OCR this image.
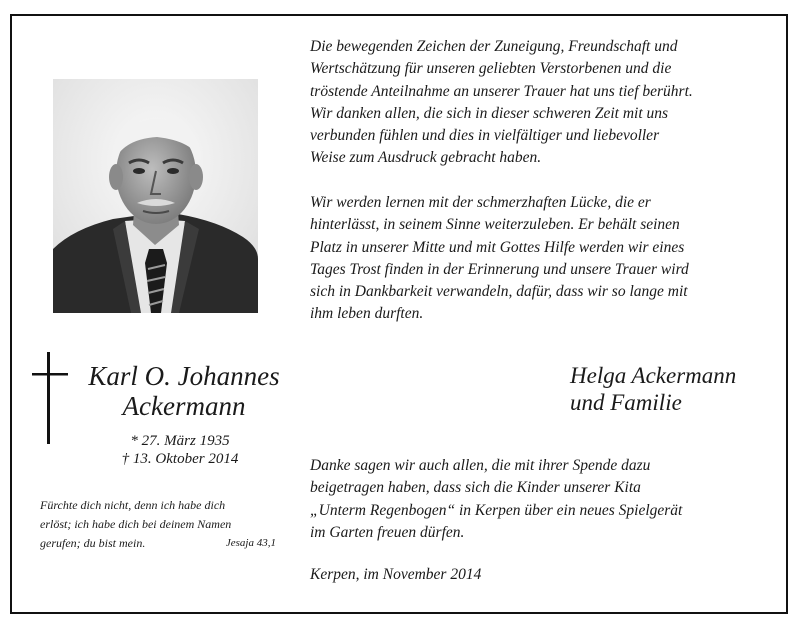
Karl O. Johannes
Ackermann
* 27. März 1935
† 13. Oktober 2014
Fürchte dich nicht, denn ich habe dich
erlöst; ich habe dich bei deinem Namen
gerufen; du bist mein.	Jesaja 43,1
Die bewegenden Zeichen der Zuneigung, Freundschaft und
Wertschätzung für unseren geliebten Verstorbenen und die
tröstende Anteilnahme an unserer Trauer hat uns tief berührt.
Wir danken allen, die sich in dieser schweren Zeit mit uns
verbunden fühlen und dies in vielfältiger und liebevoller
Weise zum Ausdruck gebracht haben.
Wir werden lernen mit der schmerzhaften Lücke, die er
hinterlässt, in seinem Sinne weiterzuleben. Er behält seinen
Platz in unserer Mitte und mit Gottes Hilfe werden wir eines
Tages Trost finden in der Erinnerung und unsere Trauer wird
sich in Dankbarkeit verwandeln, dafür, dass wir so lange mit
ihm leben durften.
Helga Ackermann
und Familie
Danke sagen wir auch allen, die mit ihrer Spende dazu
beigetragen haben, dass sich die Kinder unserer Kita
„Unterm Regenbogen“ in Kerpen über ein neues Spielgerät
im Garten freuen dürfen.
Kerpen, im November 2014
